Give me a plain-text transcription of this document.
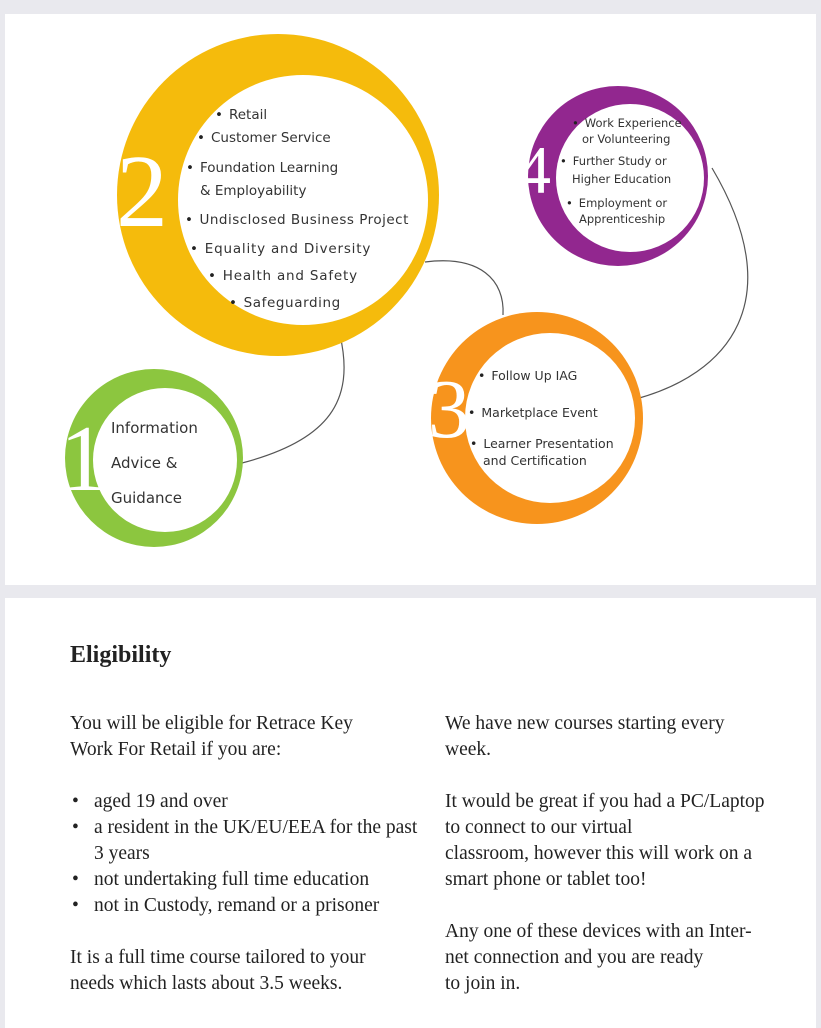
2	4
3
1
• Retail
• Customer Service
• Foundation Learning
& Employability
• Undisclosed Business Project
• Equality and Diversity
• Health and Safety
• Safeguarding
• Work Experience
or Volunteering
• Further Study or
Higher Education
• Employment or
Apprenticeship
• Follow Up IAG
• Marketplace Event
• Learner Presentation
and Certification
Information
Advice &
Guidance
Eligibility
You will be eligible for Retrace Key
Work For Retail if you are:
• aged 19 and over
• a resident in the UK/EU/EEA for the past 3 years
• not undertaking full time education
• not in Custody, remand or a prisoner
It is a full time course tailored to your
needs which lasts about 3.5 weeks.
We have new courses starting every
week.
It would be great if you had a PC/Laptop
to connect to our virtual
classroom, however this will work on a
smart phone or tablet too!
Any one of these devices with an Inter-
net connection and you are ready
to join in.
